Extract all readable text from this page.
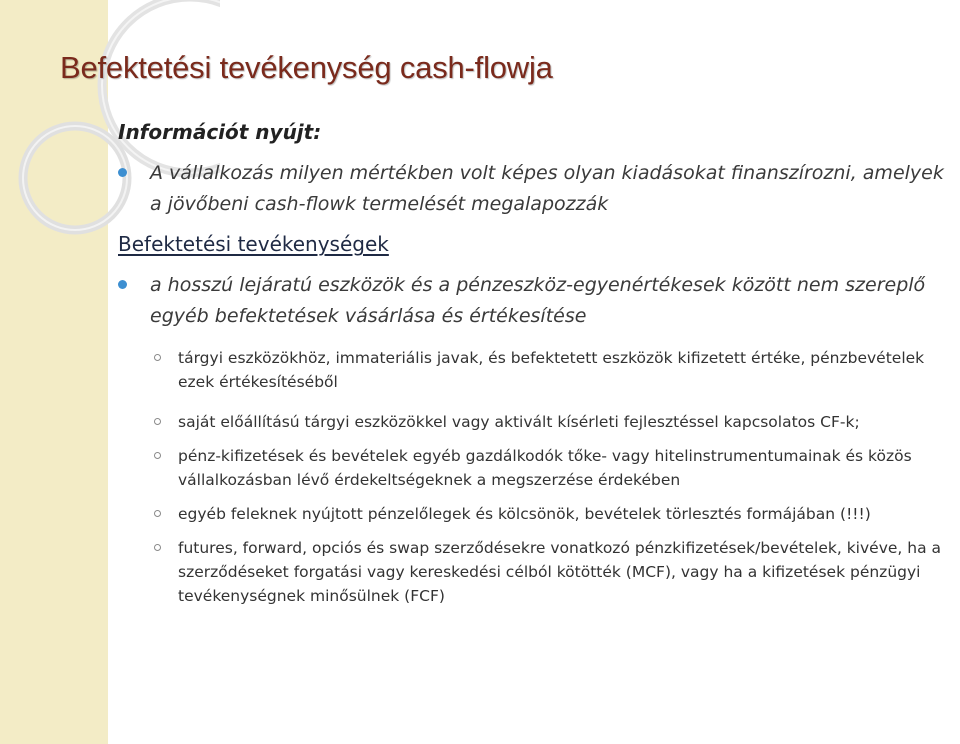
Befektetési tevékenység cash-flowja
Információt nyújt:
A vállalkozás milyen mértékben volt képes olyan kiadásokat finanszírozni, amelyek a jövőbeni cash-flowk termelését megalapozzák
Befektetési tevékenységek
a hosszú lejáratú eszközök és a pénzeszköz-egyenértékesek között nem szereplő egyéb befektetések vásárlása és értékesítése
tárgyi eszközökhöz, immateriális javak, és befektetett eszközök kifizetett értéke, pénzbevételek ezek értékesítéséből
saját előállítású tárgyi eszközökkel vagy aktivált kísérleti fejlesztéssel kapcsolatos CF-k;
pénz-kifizetések és bevételek egyéb gazdálkodók tőke- vagy hitelinstrumentumainak és közös vállalkozásban lévő érdekeltségeknek a megszerzése érdekében
egyéb feleknek nyújtott pénzelőlegek és kölcsönök, bevételek törlesztés formájában (!!!)
futures, forward, opciós és swap szerződésekre vonatkozó pénzkifizetések/bevételek, kivéve, ha a szerződéseket forgatási vagy kereskedési célból kötötték (MCF), vagy ha a kifizetések pénzügyi tevékenységnek minősülnek (FCF)
